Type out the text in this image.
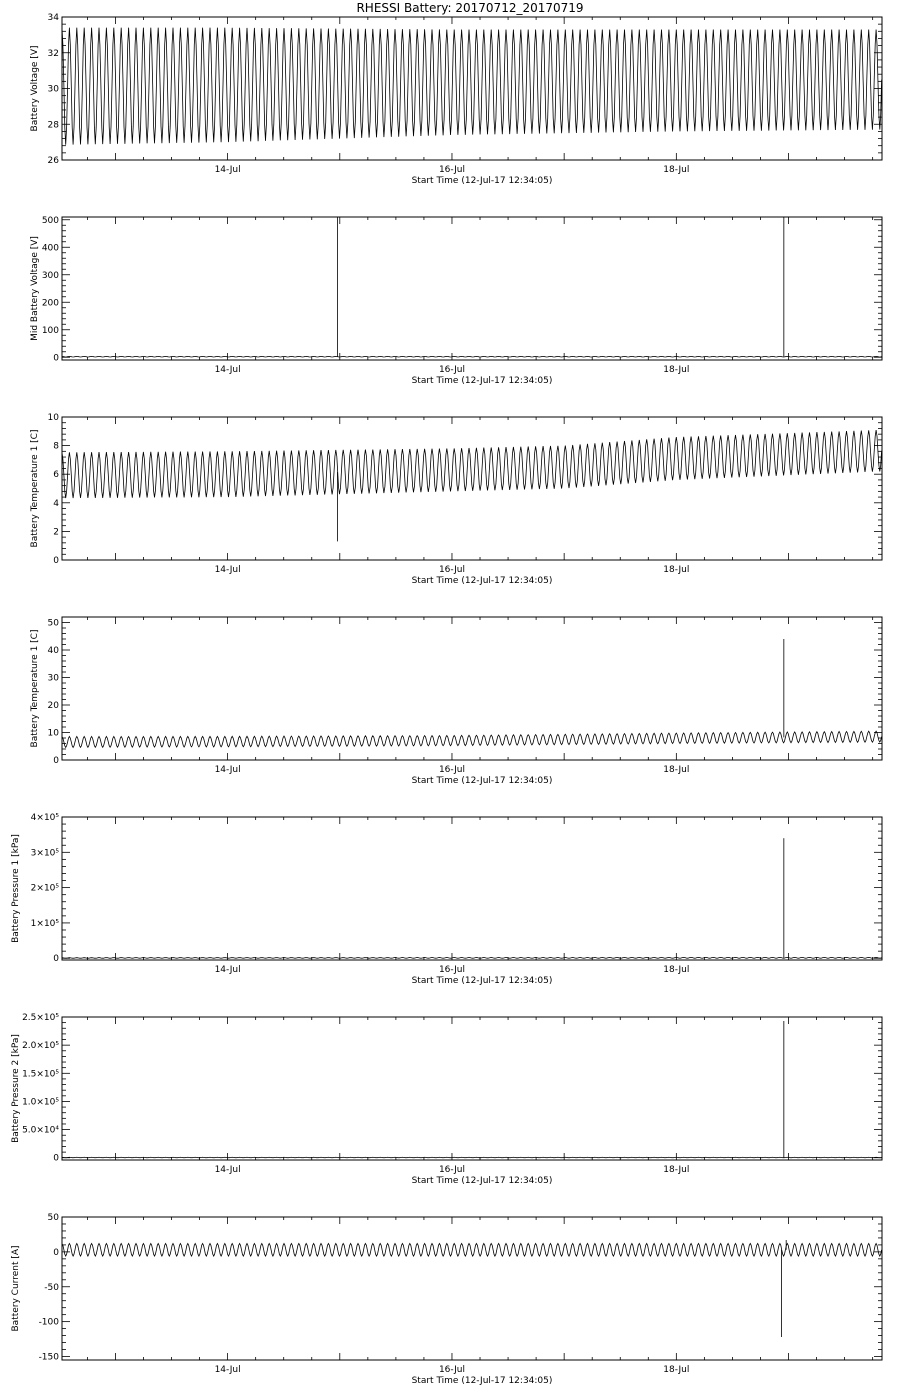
RHESSI Battery: 20170712_20170719
14-Jul	16-Jul	18-Jul
26
28
30
32
34
Start Time (12-Jul-17 12:34:05)
Battery Voltage [V]
14-Jul	16-Jul	18-Jul
0
100
200
300
400
500
Start Time (12-Jul-17 12:34:05)
Mid Battery Voltage [V]
14-Jul	16-Jul	18-Jul
0
2
4
6
8
10
Start Time (12-Jul-17 12:34:05)
Battery Temperature 1 [C]
14-Jul	16-Jul	18-Jul
0
10
20
30
40
50
Start Time (12-Jul-17 12:34:05)
Battery Temperature 1 [C]
14-Jul	16-Jul	18-Jul
0
1×10⁵
2×10⁵
3×10⁵
4×10⁵
Start Time (12-Jul-17 12:34:05)
Battery Pressure 1 [kPa]
14-Jul	16-Jul	18-Jul
0
5.0×10⁴
1.0×10⁵
1.5×10⁵
2.0×10⁵
2.5×10⁵
Start Time (12-Jul-17 12:34:05)
Battery Pressure 2 [kPa]
14-Jul	16-Jul	18-Jul
-150
-100
-50
0
50
Start Time (12-Jul-17 12:34:05)
Battery Current [A]
